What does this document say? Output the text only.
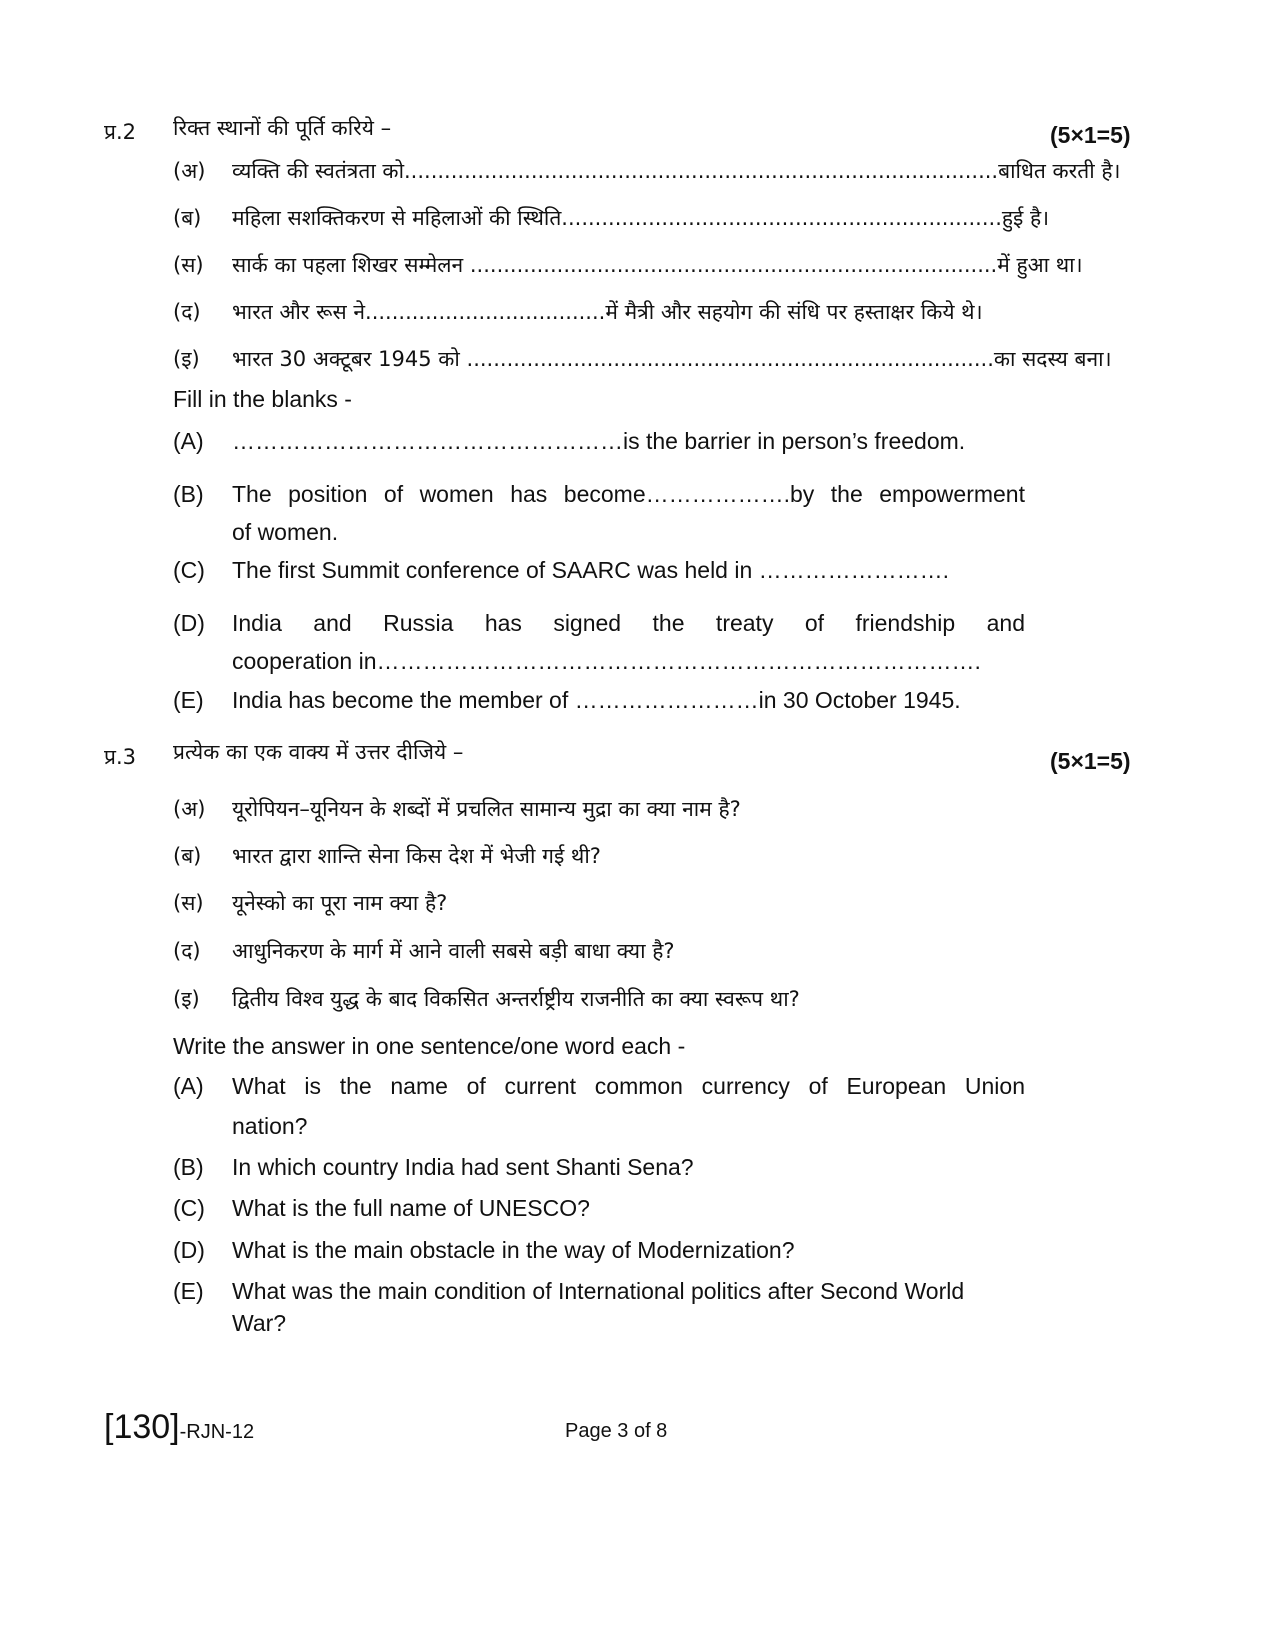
प्र.2 रिक्त स्थानों की पूर्ति करिये –	(5×1=5)
(अ) व्यक्ति की स्वतंत्रता को.........................................................................................बाधित करती है।
(ब) महिला सशक्तिकरण से महिलाओं की स्थिति..................................................................हुई है।
(स) सार्क का पहला शिखर सम्मेलन ...............................................................................में हुआ था।
(द) भारत और रूस ने....................................में मैत्री और सहयोग की संधि पर हस्ताक्षर किये थे।
(इ) भारत 30 अक्टूबर 1945 को ...............................................................................का सदस्य बना।
Fill in the blanks -
(A) ……………………………………………is the barrier in person’s freedom.
(B) The position of women has become……………….by the empowerment
of women.
(C) The first Summit conference of SAARC was held in …………………….
(D) India and Russia has signed the treaty of friendship and
cooperation in…………………………………………………………………….
(E) India has become the member of ……………………in 30 October 1945.
प्र.3 प्रत्येक का एक वाक्य में उत्तर दीजिये –	(5×1=5)
(अ) यूरोपियन–यूनियन के शब्दों में प्रचलित सामान्य मुद्रा का क्या नाम है?
(ब) भारत द्वारा शान्ति सेना किस देश में भेजी गई थी?
(स) यूनेस्को का पूरा नाम क्या है?
(द) आधुनिकरण के मार्ग में आने वाली सबसे बड़ी बाधा क्या है?
(इ) द्वितीय विश्व युद्ध के बाद विकसित अन्तर्राष्ट्रीय राजनीति का क्या स्वरूप था?
Write the answer in one sentence/one word each -
(A) What is the name of current common currency of European Union
nation?
(B) In which country India had sent Shanti Sena?
(C) What is the full name of UNESCO?
(D) What is the main obstacle in the way of Modernization?
(E) What was the main condition of International politics after Second World
War?
[130]-RJN-12	Page 3 of 8
